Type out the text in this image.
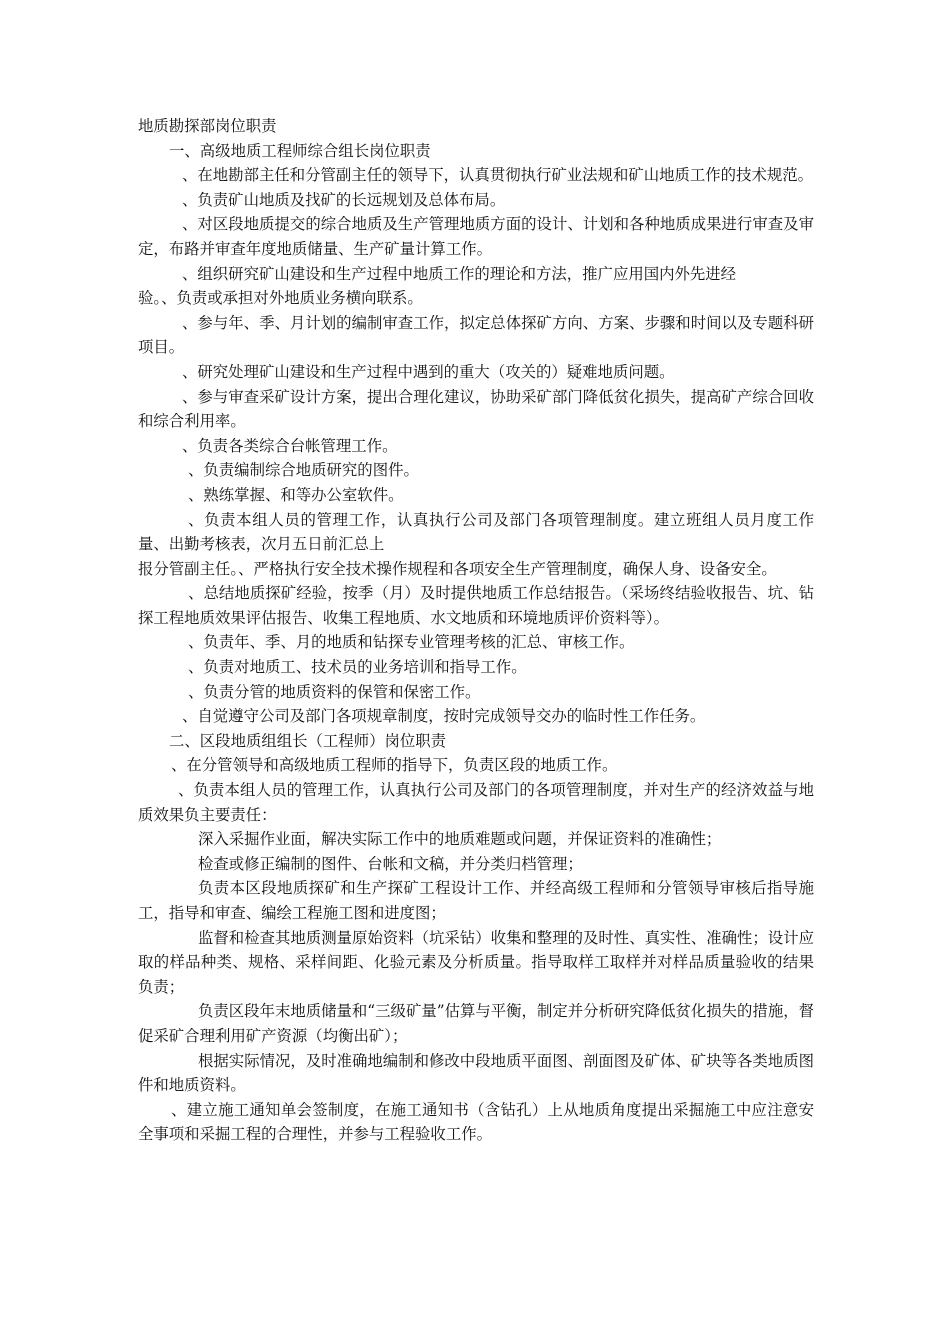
地质勘探部岗位职责

一、高级地质工程师综合组长岗位职责

、在地勘部主任和分管副主任的领导下，认真贯彻执行矿业法规和矿山地质工作的技术规范。

、负责矿山地质及找矿的长远规划及总体布局。

、对区段地质提交的综合地质及生产管理地质方面的设计、计划和各种地质成果进行审查及审定，布路并审查年度地质储量、生产矿量计算工作。

、组织研究矿山建设和生产过程中地质工作的理论和方法，推广应用国内外先进经

验。、负责或承担对外地质业务横向联系。

、参与年、季、月计划的编制审查工作，拟定总体探矿方向、方案、步骤和时间以及专题科研项目。

、研究处理矿山建设和生产过程中遇到的重大（攻关的）疑难地质问题。

、参与审查采矿设计方案，提出合理化建议，协助采矿部门降低贫化损失，提高矿产综合回收和综合利用率。

、负责各类综合台帐管理工作。

、负责编制综合地质研究的图件。

、熟练掌握、和等办公室软件。

、负责本组人员的管理工作，认真执行公司及部门各项管理制度。建立班组人员月度工作量、出勤考核表，次月五日前汇总上

报分管副主任。、严格执行安全技术操作规程和各项安全生产管理制度，确保人身、设备安全。

、总结地质探矿经验，按季（月）及时提供地质工作总结报告。（采场终结验收报告、坑、钻探工程地质效果评估报告、收集工程地质、水文地质和环境地质评价资料等）。

、负责年、季、月的地质和钻探专业管理考核的汇总、审核工作。

、负责对地质工、技术员的业务培训和指导工作。

、负责分管的地质资料的保管和保密工作。

、自觉遵守公司及部门各项规章制度，按时完成领导交办的临时性工作任务。

二、区段地质组组长（工程师）岗位职责

、在分管领导和高级地质工程师的指导下，负责区段的地质工作。

、负责本组人员的管理工作，认真执行公司及部门的各项管理制度，并对生产的经济效益与地质效果负主要责任：

深入采掘作业面，解决实际工作中的地质难题或问题，并保证资料的准确性；

检查或修正编制的图件、台帐和文稿，并分类归档管理；

负责本区段地质探矿和生产探矿工程设计工作、并经高级工程师和分管领导审核后指导施工，指导和审查、编绘工程施工图和进度图；

监督和检查其地质测量原始资料（坑采钻）收集和整理的及时性、真实性、准确性；设计应取的样品种类、规格、采样间距、化验元素及分析质量。指导取样工取样并对样品质量验收的结果负责；

负责区段年末地质储量和“三级矿量”估算与平衡，制定并分析研究降低贫化损失的措施，督促采矿合理利用矿产资源（均衡出矿）；

根据实际情况，及时准确地编制和修改中段地质平面图、剖面图及矿体、矿块等各类地质图件和地质资料。

、建立施工通知单会签制度，在施工通知书（含钻孔）上从地质角度提出采掘施工中应注意安全事项和采掘工程的合理性，并参与工程验收工作。
